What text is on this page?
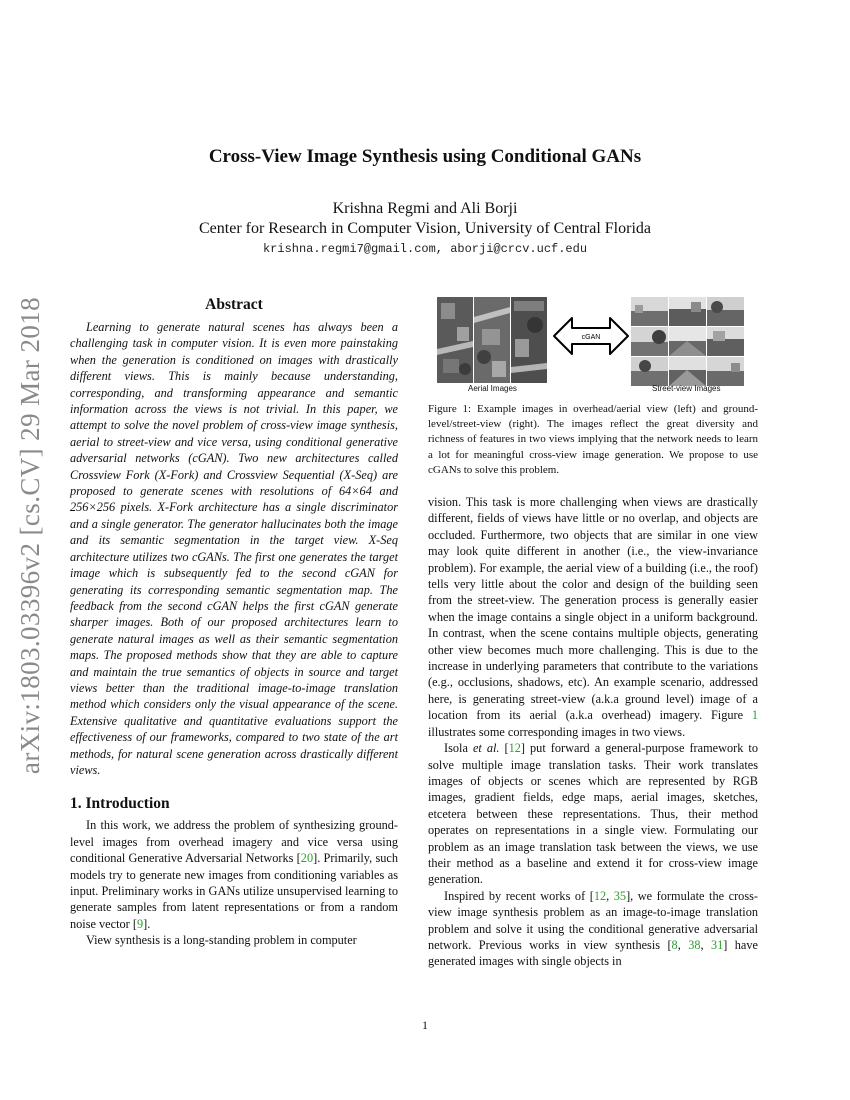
arXiv:1803.03396v2 [cs.CV] 29 Mar 2018
Cross-View Image Synthesis using Conditional GANs
Krishna Regmi and Ali Borji
Center for Research in Computer Vision, University of Central Florida
krishna.regmi7@gmail.com, aborji@crcv.ucf.edu
Abstract

Learning to generate natural scenes has always been a challenging task in computer vision. It is even more painstaking when the generation is conditioned on images with drastically different views. This is mainly because understanding, corresponding, and transforming appearance and semantic information across the views is not trivial. In this paper, we attempt to solve the novel problem of cross-view image synthesis, aerial to street-view and vice versa, using conditional generative adversarial networks (cGAN). Two new architectures called Crossview Fork (X-Fork) and Crossview Sequential (X-Seq) are proposed to generate scenes with resolutions of 64×64 and 256×256 pixels. X-Fork architecture has a single discriminator and a single generator. The generator hallucinates both the image and its semantic segmentation in the target view. X-Seq architecture utilizes two cGANs. The first one generates the target image which is subsequently fed to the second cGAN for generating its corresponding semantic segmentation map. The feedback from the second cGAN helps the first cGAN generate sharper images. Both of our proposed architectures learn to generate natural images as well as their semantic segmentation maps. The proposed methods show that they are able to capture and maintain the true semantics of objects in source and target views better than the traditional image-to-image translation method which considers only the visual appearance of the scene. Extensive qualitative and quantitative evaluations support the effectiveness of our frameworks, compared to two state of the art methods, for natural scene generation across drastically different views.

1. Introduction

In this work, we address the problem of synthesizing ground-level images from overhead imagery and vice versa using conditional Generative Adversarial Networks [20]. Primarily, such models try to generate new images from conditioning variables as input. Preliminary works in GANs utilize unsupervised learning to generate samples from latent representations or from a random noise vector [9].

View synthesis is a long-standing problem in computer

cGAN
Aerial Images	Street-view Images

Figure 1: Example images in overhead/aerial view (left) and ground-level/street-view (right). The images reflect the great diversity and richness of features in two views implying that the network needs to learn a lot for meaningful cross-view image generation. We propose to use cGANs to solve this problem.

vision. This task is more challenging when views are drastically different, fields of views have little or no overlap, and objects are occluded. Furthermore, two objects that are similar in one view may look quite different in another (i.e., the view-invariance problem). For example, the aerial view of a building (i.e., the roof) tells very little about the color and design of the building seen from the street-view. The generation process is generally easier when the image contains a single object in a uniform background. In contrast, when the scene contains multiple objects, generating other view becomes much more challenging. This is due to the increase in underlying parameters that contribute to the variations (e.g., occlusions, shadows, etc). An example scenario, addressed here, is generating street-view (a.k.a ground level) image of a location from its aerial (a.k.a overhead) imagery. Figure 1 illustrates some corresponding images in two views.

Isola et al. [12] put forward a general-purpose framework to solve multiple image translation tasks. Their work translates images of objects or scenes which are represented by RGB images, gradient fields, edge maps, aerial images, sketches, etcetera between these representations. Thus, their method operates on representations in a single view. Formulating our problem as an image translation task between the views, we use their method as a baseline and extend it for cross-view image generation.

Inspired by recent works of [12, 35], we formulate the cross-view image synthesis problem as an image-to-image translation problem and solve it using the conditional generative adversarial network. Previous works in view synthesis [8, 38, 31] have generated images with single objects in

1
